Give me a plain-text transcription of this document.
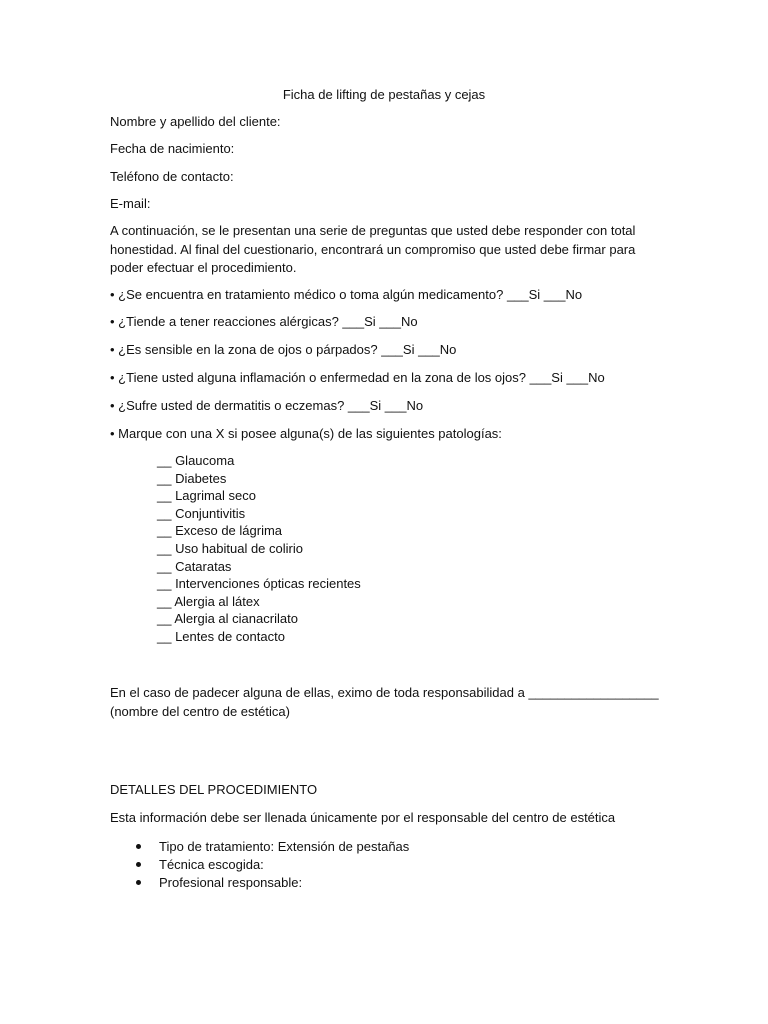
Ficha de lifting de pestañas y cejas
Nombre y apellido del cliente:
Fecha de nacimiento:
Teléfono de contacto:
E-mail:
A continuación, se le presentan una serie de preguntas que usted debe responder con total
honestidad. Al final del cuestionario, encontrará un compromiso que usted debe firmar para
poder efectuar el procedimiento.
• ¿Se encuentra en tratamiento médico o toma algún medicamento? ___Si ___No
• ¿Tiende a tener reacciones alérgicas? ___Si ___No
• ¿Es sensible en la zona de ojos o párpados? ___Si ___No
• ¿Tiene usted alguna inflamación o enfermedad en la zona de los ojos? ___Si ___No
• ¿Sufre usted de dermatitis o eczemas? ___Si ___No
• Marque con una X si posee alguna(s) de las siguientes patologías:
__ Glaucoma
__ Diabetes
__ Lagrimal seco
__ Conjuntivitis
__ Exceso de lágrima
__ Uso habitual de colirio
__ Cataratas
__ Intervenciones ópticas recientes
__ Alergia al látex
__ Alergia al cianacrilato
__ Lentes de contacto
En el caso de padecer alguna de ellas, eximo de toda responsabilidad a __________________
(nombre del centro de estética)
DETALLES DEL PROCEDIMIENTO
Esta información debe ser llenada únicamente por el responsable del centro de estética
Tipo de tratamiento: Extensión de pestañas
Técnica escogida:
Profesional responsable:
